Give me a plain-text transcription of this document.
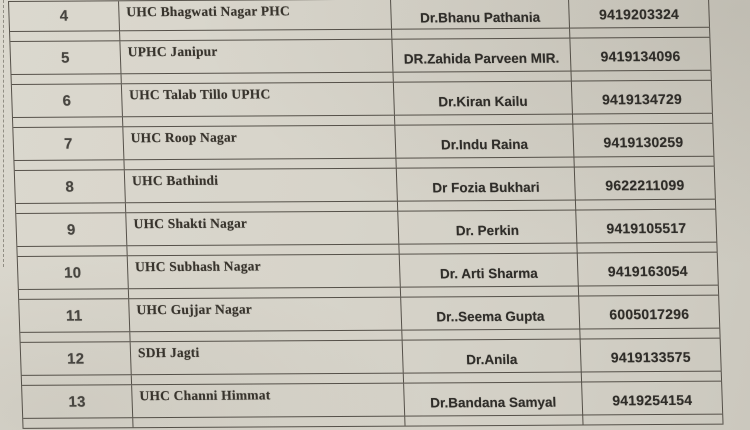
4	UHC Bhagwati Nagar PHC	Dr.Bhanu Pathania	9419203324
5	UPHC Janipur	DR.Zahida Parveen MIR.	9419134096
6	UHC Talab Tillo UPHC	Dr.Kiran Kailu	9419134729
7	UHC Roop Nagar	Dr.Indu Raina	9419130259
8	UHC Bathindi	Dr Fozia Bukhari	9622211099
9	UHC Shakti Nagar	Dr. Perkin	9419105517
10	UHC Subhash Nagar	Dr. Arti Sharma	9419163054
11	UHC Gujjar Nagar	Dr..Seema Gupta	6005017296
12	SDH Jagti	Dr.Anila	9419133575
13	UHC Channi Himmat	Dr.Bandana Samyal	9419254154
